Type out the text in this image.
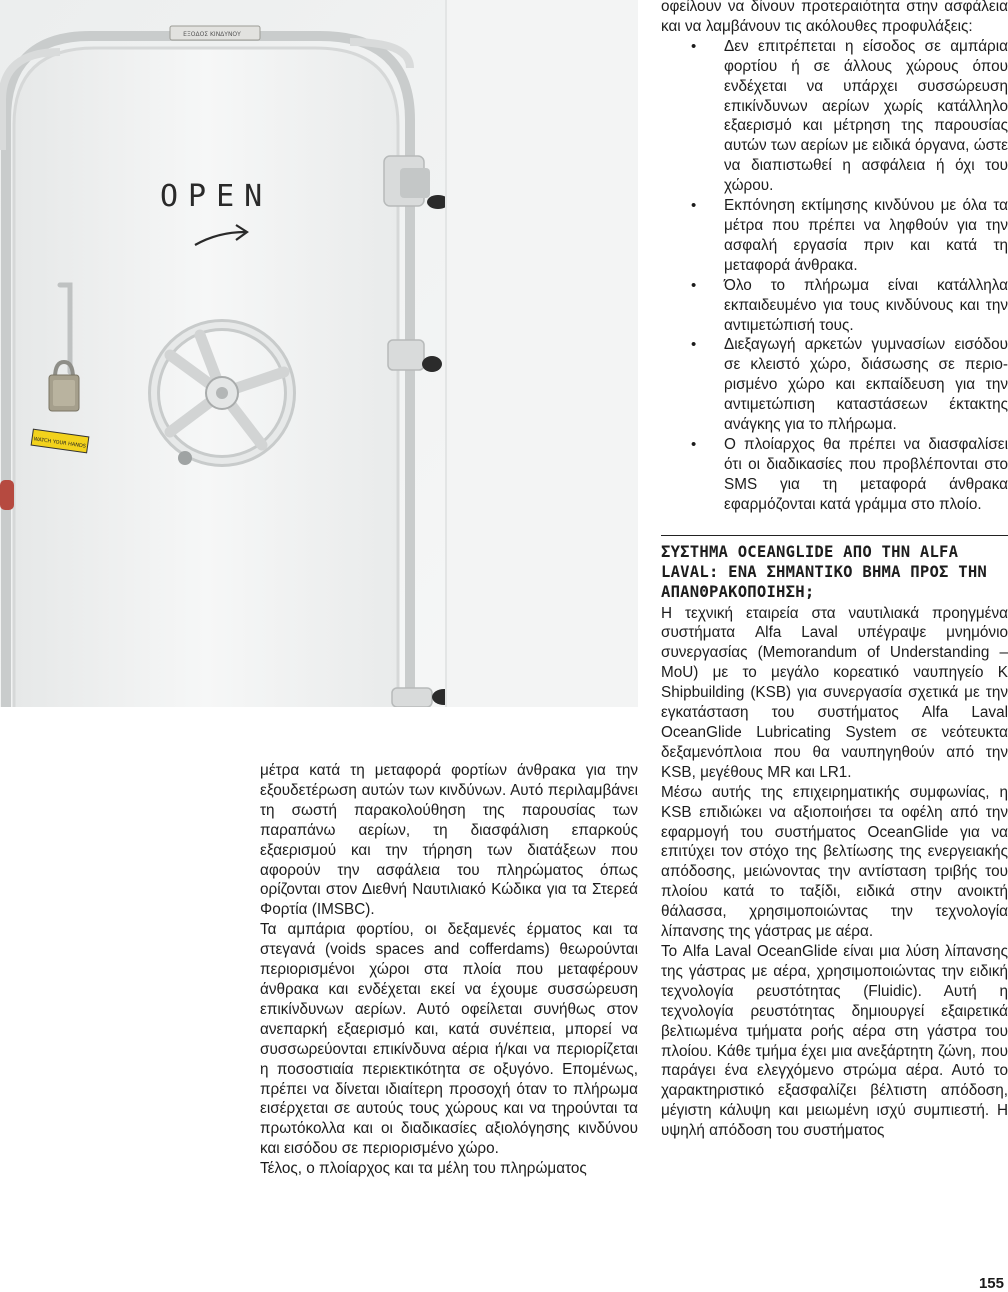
ΕΞΟΔΟΣ ΚΙΝΔΥΝΟΥ
OPEN
WATCH YOUR HANDS

μέτρα κατά τη μεταφορά φορτίων άνθρακα για την εξουδετέρωση αυτών των κινδύνων. Αυτό περιλαμβάνει τη σωστή παρακολούθηση της παρουσίας των παραπάνω αερίων, τη διασφάλιση επαρκούς εξαερισμού και την τήρηση των διατάξεων που αφορούν την ασφάλεια του πληρώματος όπως ορίζονται στον Διεθνή Ναυτιλιακό Κώδικα για τα Στερεά Φορτία (IMSBC).

Τα αμπάρια φορτίου, οι δεξαμενές έρματος και τα στεγανά (voids spaces and cofferdams) θεωρούνται περιορισμένοι χώροι στα πλοία που μεταφέρουν άνθρακα και ενδέχεται εκεί να έχουμε συσσώρευση επικίνδυνων αερίων. Αυτό οφείλεται συνήθως στον ανεπαρκή εξαερισμό και, κατά συνέπεια, μπορεί να συσσωρεύονται επικίνδυνα αέρια ή/και να περιορίζεται η ποσοστιαία περιεκτικότητα σε οξυγόνο. Επομένως, πρέπει να δίνεται ιδιαίτερη προσοχή όταν το πλήρωμα εισέρχεται σε αυτούς τους χώρους και να τηρούνται τα πρωτόκολλα και οι διαδικασίες αξιολόγησης κινδύνου και εισόδου σε περιορισμένο χώρο.

Τέλος, ο πλοίαρχος και τα μέλη του πληρώματος

οφείλουν να δίνουν προτεραιότητα στην ασφάλεια και να λαμβάνουν τις ακόλουθες προφυλάξεις:

• Δεν επιτρέπεται η είσοδος σε αμπάρια φορτίου ή σε άλλους χώρους όπου ενδέχεται να υπάρχει συσσώρευση επικίνδυνων αερίων χωρίς κατάλληλο εξαερισμό και μέτρηση της παρουσίας αυτών των αερίων με ειδικά όργανα, ώστε να διαπιστωθεί η ασφάλεια ή όχι του χώρου.
• Εκπόνηση εκτίμησης κινδύνου με όλα τα μέτρα που πρέπει να ληφθούν για την ασφαλή εργασία πριν και κατά τη μεταφορά άνθρακα.
• Όλο το πλήρωμα είναι κατάλληλα εκπαιδευμένο για τους κινδύνους και την αντιμετώπισή τους.
• Διεξαγωγή αρκετών γυμνασίων εισόδου σε κλειστό χώρο, διάσωσης σε περιορισμένο χώρο και εκπαίδευση για την αντιμετώπιση καταστάσεων έκτακτης ανάγκης για το πλήρωμα.
• Ο πλοίαρχος θα πρέπει να διασφαλίσει ότι οι διαδικασίες που προβλέπονται στο SMS για τη μεταφορά άνθρακα εφαρμόζονται κατά γράμμα στο πλοίο.
ΣΥΣΤΗΜΑ OCEANGLIDE ΑΠΟ ΤΗΝ ALFA LAVAL: ΕΝΑ ΣΗΜΑΝΤΙΚΟ ΒΗΜΑ ΠΡΟΣ ΤΗΝ ΑΠΑΝΘΡΑΚΟΠΟΙΗΣΗ;

Η τεχνική εταιρεία στα ναυτιλιακά προηγμένα συστήματα Alfa Laval υπέγραψε μνημόνιο συνεργασίας (Memorandum of Understanding – MoU) με το μεγάλο κορεατικό ναυπηγείο K Shipbuilding (KSB) για συνεργασία σχετικά με την εγκατάσταση του συστήματος Alfa Laval OceanGlide Lubricating System σε νεότευκτα δεξαμενόπλοια που θα ναυπηγηθούν από την KSB, μεγέθους MR και LR1.

Μέσω αυτής της επιχειρηματικής συμφωνίας, η KSB επιδιώκει να αξιοποιήσει τα οφέλη από την εφαρμογή του συστήματος OceanGlide για να επιτύχει τον στόχο της βελτίωσης της ενεργειακής απόδοσης, μειώνοντας την αντίσταση τριβής του πλοίου κατά το ταξίδι, ειδικά στην ανοικτή θάλασσα, χρησιμοποιώντας την τεχνολογία λίπανσης της γάστρας με αέρα.

Το Alfa Laval OceanGlide είναι μια λύση λίπανσης της γάστρας με αέρα, χρησιμοποιώντας την ειδική τεχνολογία ρευστότητας (Fluidic). Αυτή η τεχνολογία ρευστότητας δημιουργεί εξαιρετικά βελτιωμένα τμήματα ροής αέρα στη γάστρα του πλοίου. Κάθε τμήμα έχει μια ανεξάρτητη ζώνη, που παράγει ένα ελεγχόμενο στρώμα αέρα. Αυτό το χαρακτηριστικό εξασφαλίζει βέλτιστη απόδοση, μέγιστη κάλυψη και μειωμένη ισχύ συμπιεστή. Η υψηλή απόδοση του συστήματος

155
